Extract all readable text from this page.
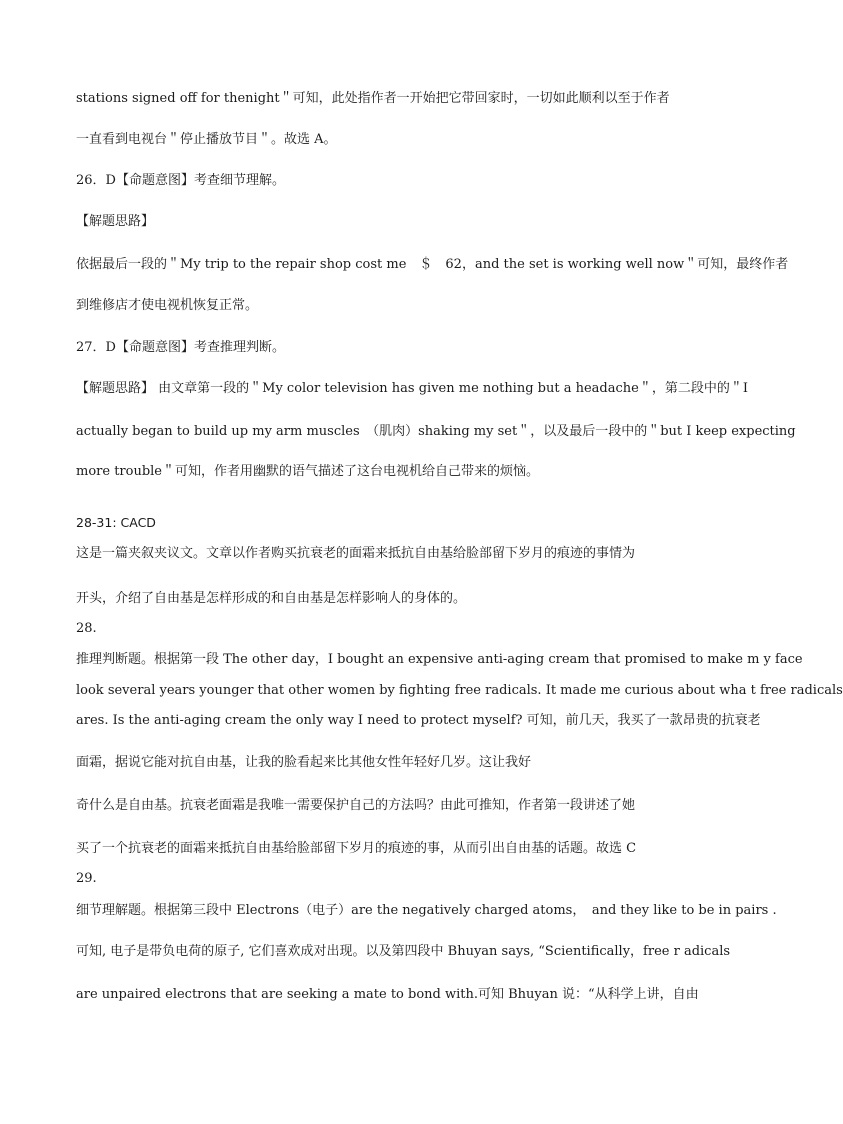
stations signed off for thenight＂可知，此处指作者一开始把它带回家时，一切如此顺利以至于作者
一直看到电视台＂停止播放节目＂。故选 A。
26．D【命题意图】考查细节理解。
【解题思路】
依据最后一段的＂My trip to the repair shop cost me　＄　62，and the set is working well now＂可知，最终作者
到维修店才使电视机恢复正常。
27．D【命题意图】考查推理判断。
【解题思路】 由文章第一段的＂My color television has given me nothing but a headache＂，第二段中的＂I
actually began to build up my arm muscles　（肌肉）shaking my set＂，以及最后一段中的＂but I keep expecting
more trouble＂可知，作者用幽默的语气描述了这台电视机给自己带来的烦恼。
28-31: CACD
这是一篇夹叙夹议文。文章以作者购买抗衰老的面霜来抵抗自由基给脸部留下岁月的痕迹的事情为
开头，介绍了自由基是怎样形成的和自由基是怎样影响人的身体的。
28.
推理判断题。根据第一段 The other day，I bought an expensive anti-aging cream that promised to make m y face
look several years younger that other women by fighting free radicals. It made me curious about wha t free radicals
ares. Is the anti-aging cream the only way I need to protect myself? 可知，前几天，我买了一款昂贵的抗衰老
面霜，据说它能对抗自由基，让我的脸看起来比其他女性年轻好几岁。这让我好
奇什么是自由基。抗衰老面霜是我唯一需要保护自己的方法吗？由此可推知，作者第一段讲述了她
买了一个抗衰老的面霜来抵抗自由基给脸部留下岁月的痕迹的事，从而引出自由基的话题。故选 C
29.
细节理解题。根据第三段中 Electrons（电子）are the negatively charged atoms，　and they like to be in pairs .
可知, 电子是带负电荷的原子, 它们喜欢成对出现。以及第四段中 Bhuyan says, “Scientifically，free r adicals
are unpaired electrons that are seeking a mate to bond with.可知 Bhuyan 说：“从科学上讲，自由
